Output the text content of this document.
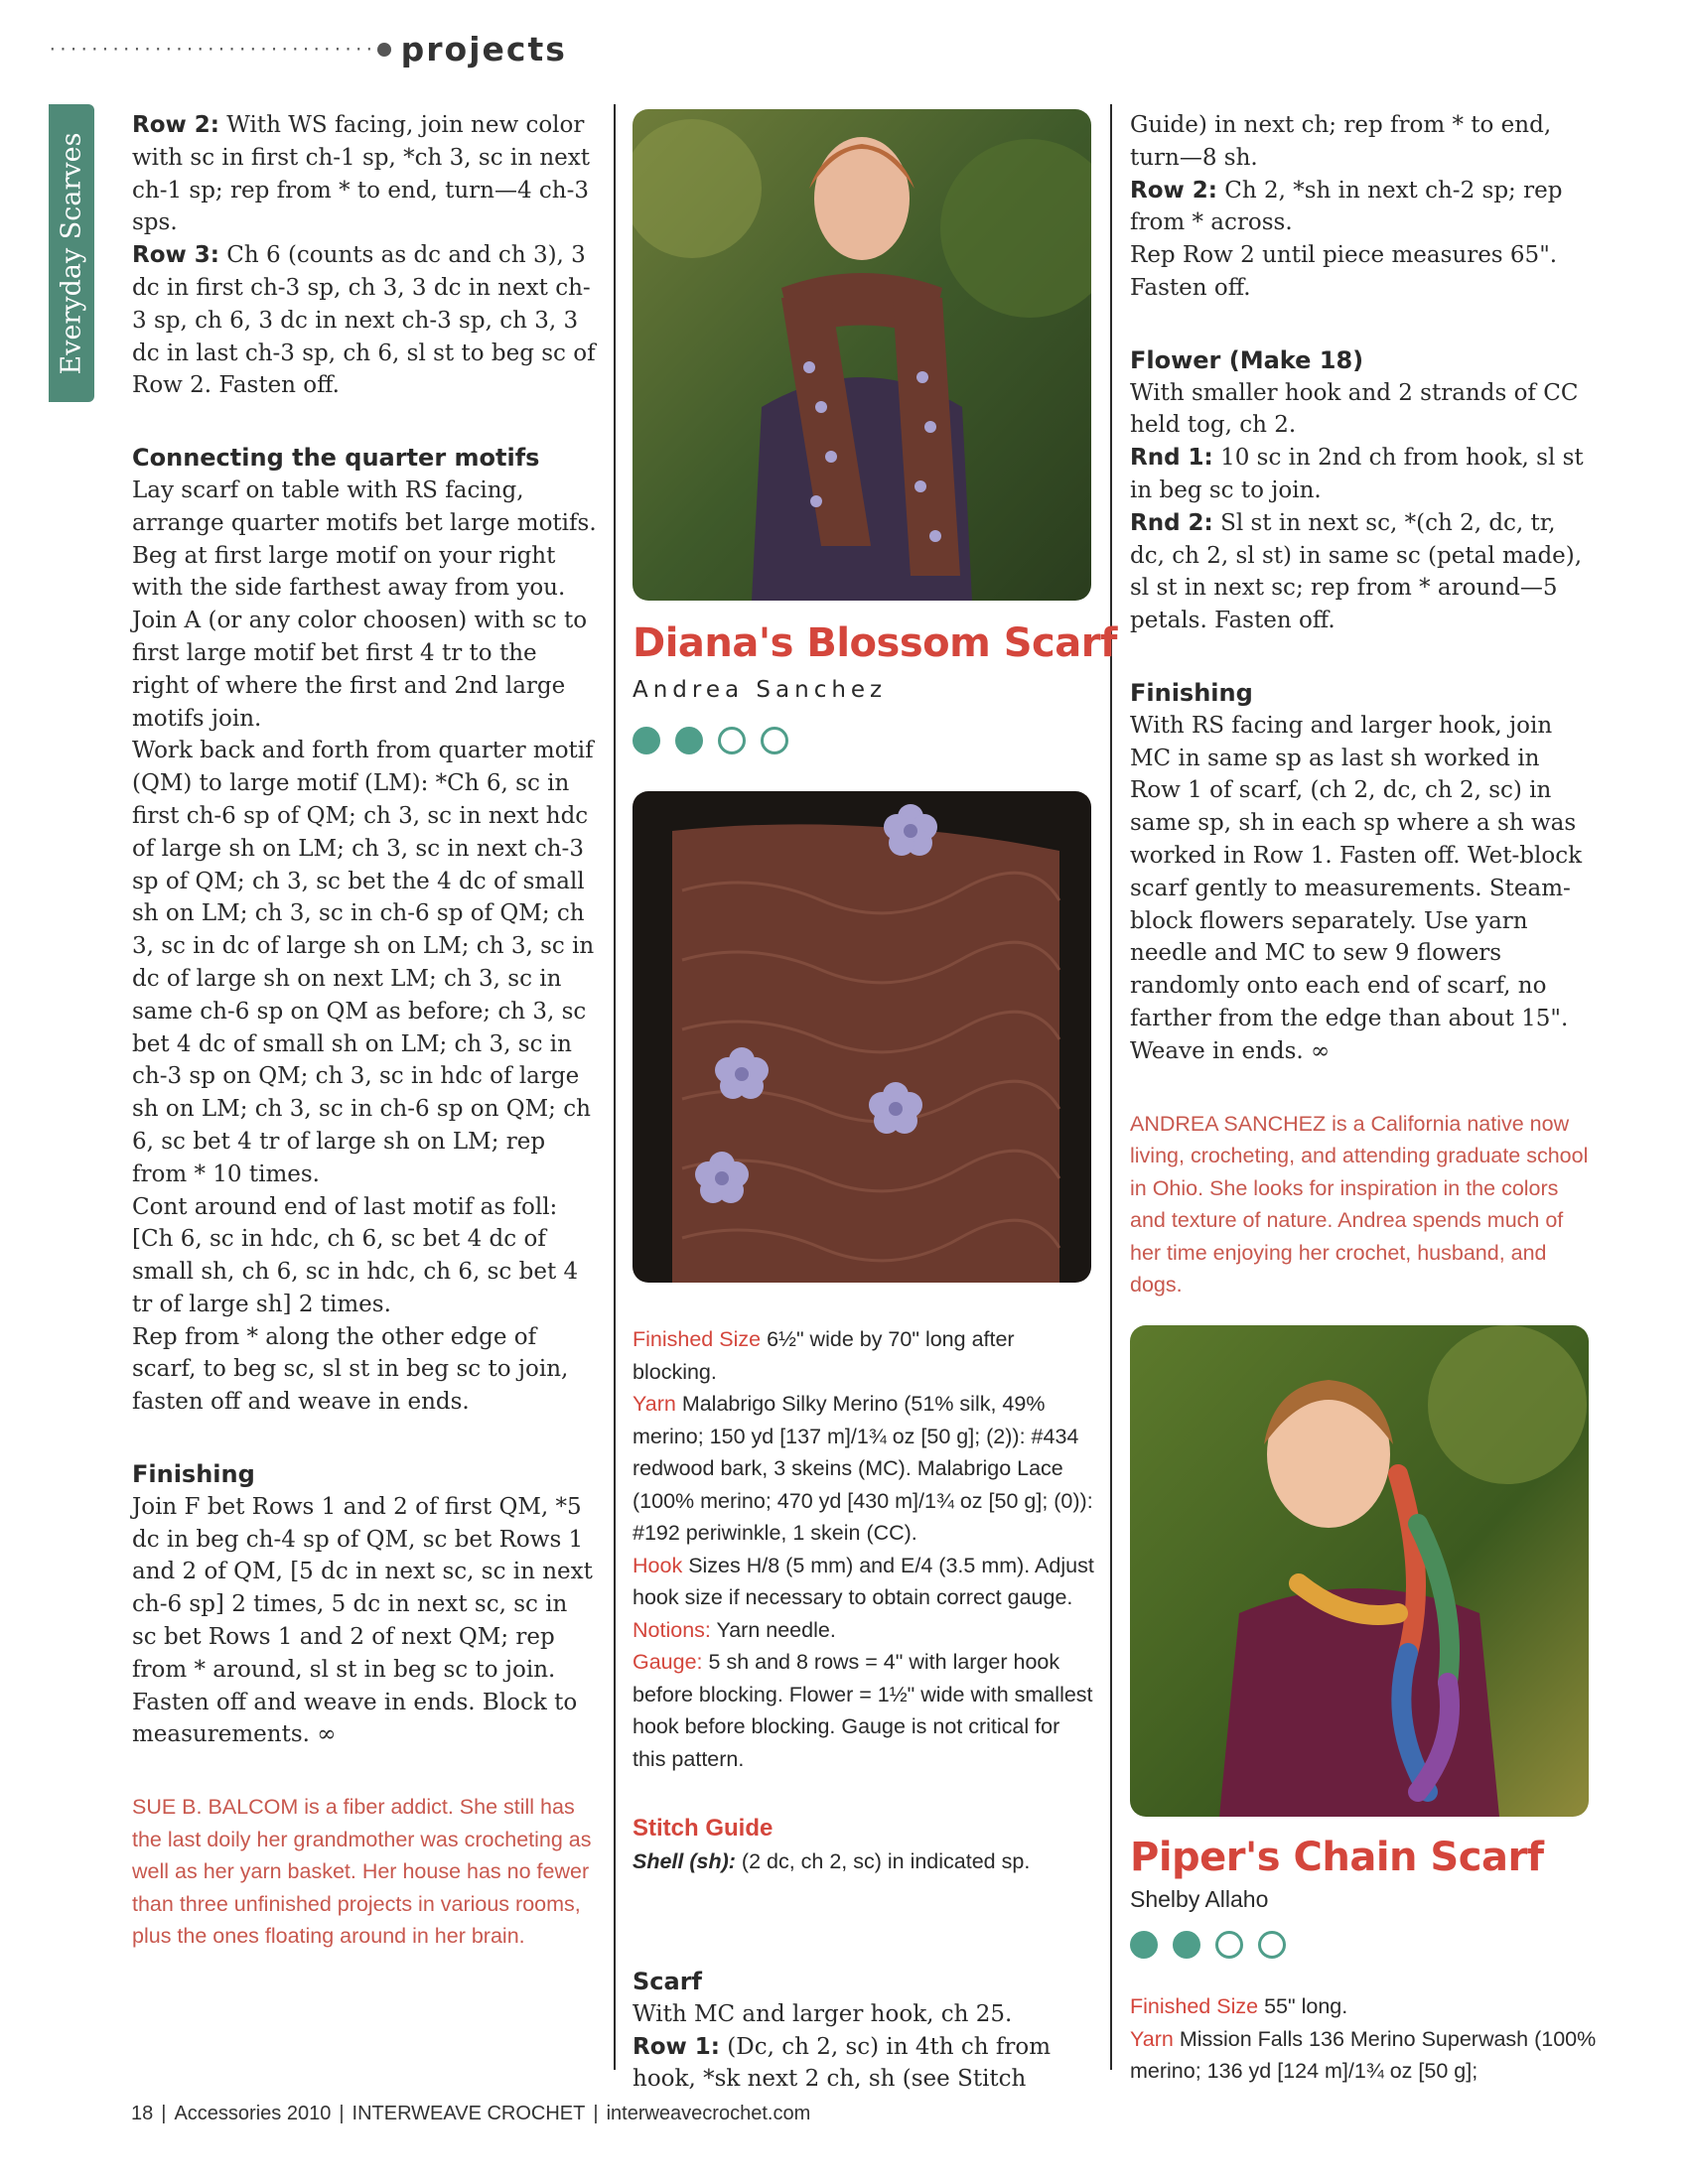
······························· projects
Everyday Scarves

Row 2: With WS facing, join new color with sc in first ch-1 sp, *ch 3, sc in next ch-1 sp; rep from * to end, turn—4 ch-3 sps.

Row 3: Ch 6 (counts as dc and ch 3), 3 dc in first ch-3 sp, ch 3, 3 dc in next ch-3 sp, ch 6, 3 dc in next ch-3 sp, ch 3, 3 dc in last ch-3 sp, ch 6, sl st to beg sc of Row 2. Fasten off.

Connecting the quarter motifs

Lay scarf on table with RS facing, arrange quarter motifs bet large motifs. Beg at first large motif on your right with the side farthest away from you.

Join A (or any color choosen) with sc to first large motif bet first 4 tr to the right of where the first and 2nd large motifs join.

Work back and forth from quarter motif (QM) to large motif (LM): *Ch 6, sc in first ch-6 sp of QM; ch 3, sc in next hdc of large sh on LM; ch 3, sc in next ch-3 sp of QM; ch 3, sc bet the 4 dc of small sh on LM; ch 3, sc in ch-6 sp of QM; ch 3, sc in dc of large sh on LM; ch 3, sc in dc of large sh on next LM; ch 3, sc in same ch-6 sp on QM as before; ch 3, sc bet 4 dc of small sh on LM; ch 3, sc in ch-3 sp on QM; ch 3, sc in hdc of large sh on LM; ch 3, sc in ch-6 sp on QM; ch 6, sc bet 4 tr of large sh on LM; rep from * 10 times.

Cont around end of last motif as foll: [Ch 6, sc in hdc, ch 6, sc bet 4 dc of small sh, ch 6, sc in hdc, ch 6, sc bet 4 tr of large sh] 2 times.

Rep from * along the other edge of scarf, to beg sc, sl st in beg sc to join, fasten off and weave in ends.

Finishing

Join F bet Rows 1 and 2 of first QM, *5 dc in beg ch-4 sp of QM, sc bet Rows 1 and 2 of QM, [5 dc in next sc, sc in next ch-6 sp] 2 times, 5 dc in next sc, sc in sc bet Rows 1 and 2 of next QM; rep from * around, sl st in beg sc to join. Fasten off and weave in ends. Block to measurements. ∞

SUE B. BALCOM is a fiber addict. She still has the last doily her grandmother was crocheting as well as her yarn basket. Her house has no fewer than three unfinished projects in various rooms, plus the ones floating around in her brain.

Diana's Blossom Scarf
Andrea Sanchez

Finished Size 6½" wide by 70" long after blocking.

Yarn Malabrigo Silky Merino (51% silk, 49% merino; 150 yd [137 m]/1¾ oz [50 g]; (2)): #434 redwood bark, 3 skeins (MC). Malabrigo Lace (100% merino; 470 yd [430 m]/1¾ oz [50 g]; (0)): #192 periwinkle, 1 skein (CC).

Hook Sizes H/8 (5 mm) and E/4 (3.5 mm). Adjust hook size if necessary to obtain correct gauge.

Notions: Yarn needle.

Gauge: 5 sh and 8 rows = 4" with larger hook before blocking. Flower = 1½" wide with smallest hook before blocking. Gauge is not critical for this pattern.

Stitch Guide

Shell (sh): (2 dc, ch 2, sc) in indicated sp.

Scarf

With MC and larger hook, ch 25.

Row 1: (Dc, ch 2, sc) in 4th ch from hook, *sk next 2 ch, sh (see Stitch

Guide) in next ch; rep from * to end, turn—8 sh.

Row 2: Ch 2, *sh in next ch-2 sp; rep from * across.

Rep Row 2 until piece measures 65". Fasten off.

Flower (Make 18)

With smaller hook and 2 strands of CC held tog, ch 2.

Rnd 1: 10 sc in 2nd ch from hook, sl st in beg sc to join.

Rnd 2: Sl st in next sc, *(ch 2, dc, tr, dc, ch 2, sl st) in same sc (petal made), sl st in next sc; rep from * around—5 petals. Fasten off.

Finishing

With RS facing and larger hook, join MC in same sp as last sh worked in Row 1 of scarf, (ch 2, dc, ch 2, sc) in same sp, sh in each sp where a sh was worked in Row 1. Fasten off. Wet-block scarf gently to measurements. Steam-block flowers separately. Use yarn needle and MC to sew 9 flowers randomly onto each end of scarf, no farther from the edge than about 15". Weave in ends. ∞

ANDREA SANCHEZ is a California native now living, crocheting, and attending graduate school in Ohio. She looks for inspiration in the colors and texture of nature. Andrea spends much of her time enjoying her crochet, husband, and dogs.

Piper's Chain Scarf
Shelby Allaho

Finished Size 55" long.

Yarn Mission Falls 136 Merino Superwash (100% merino; 136 yd [124 m]/1¾ oz [50 g];

18 | Accessories 2010 | INTERWEAVE CROCHET | interweavecrochet.com
